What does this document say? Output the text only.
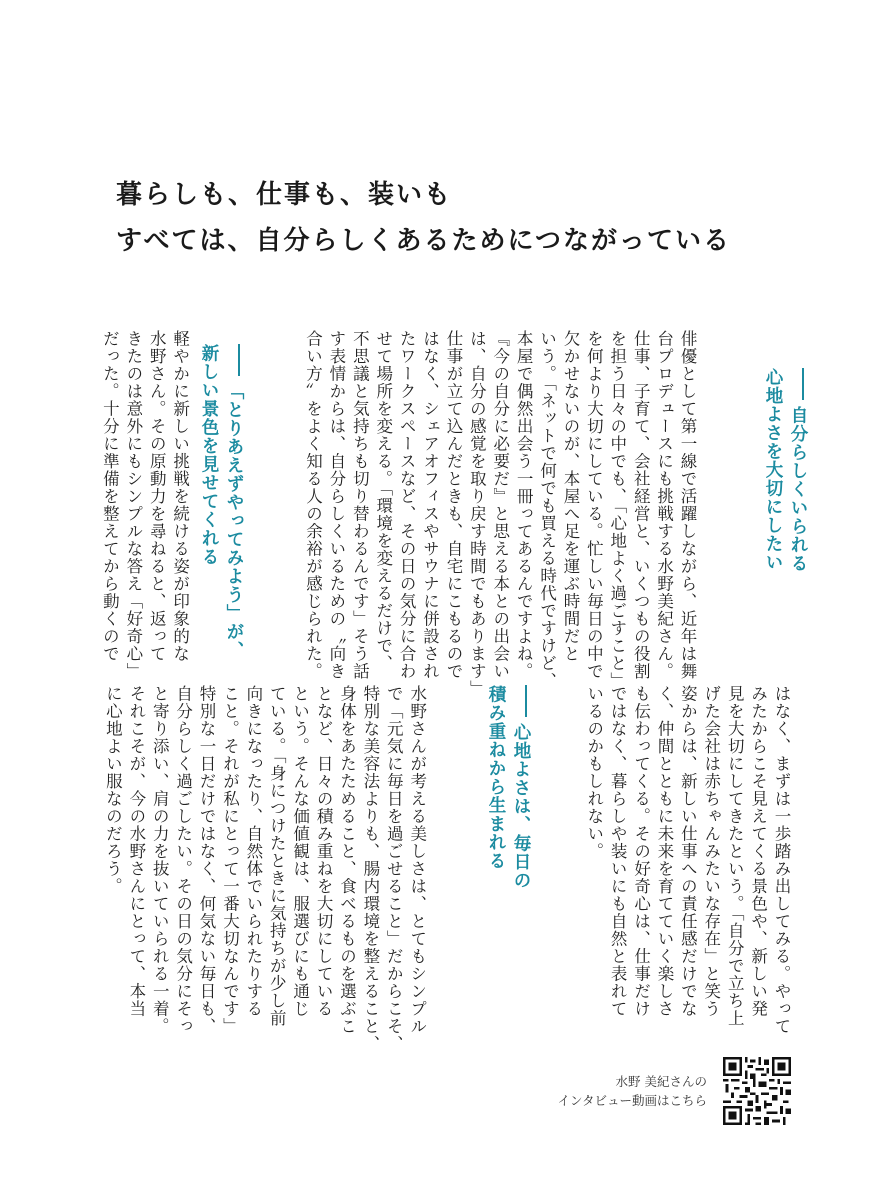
暮らしも、仕事も、装いも
すべては、自分らしくあるためにつながっている

自分らしくいられる
心地よさを大切にしたい

俳優として第一線で活躍しながら、近年は舞
台プロデュースにも挑戦する水野美紀さん。
仕事、子育て、会社経営と、いくつもの役割
を担う日々の中でも、「心地よく過ごすこと」
を何より大切にしている。忙しい毎日の中で
欠かせないのが、本屋へ足を運ぶ時間だと
いう。「ネットで何でも買える時代ですけど、
本屋で偶然出会う一冊ってあるんですよね。
『今の自分に必要だ』と思える本との出会い
は、自分の感覚を取り戻す時間でもあります」
仕事が立て込んだときも、自宅にこもるので
はなく、シェアオフィスやサウナに併設され
たワークスペースなど、その日の気分に合わ
せて場所を変える。「環境を変えるだけで、
不思議と気持ちも切り替わるんです」そう話
す表情からは、自分らしくいるための〝向き
合い方〟をよく知る人の余裕が感じられた。

「とりあえずやってみよう」が、
新しい景色を見せてくれる

軽やかに新しい挑戦を続ける姿が印象的な
水野さん。その原動力を尋ねると、返って
きたのは意外にもシンプルな答え「好奇心」
だった。十分に準備を整えてから動くので

はなく、まずは一歩踏み出してみる。やって
みたからこそ見えてくる景色や、新しい発
見を大切にしてきたという。「自分で立ち上
げた会社は赤ちゃんみたいな存在」と笑う
姿からは、新しい仕事への責任感だけでな
く、仲間とともに未来を育てていく楽しさ
も伝わってくる。その好奇心は、仕事だけ
ではなく、暮らしや装いにも自然と表れて
いるのかもしれない。

心地よさは、毎日の
積み重ねから生まれる

水野さんが考える美しさは、とてもシンプル
で「元気に毎日を過ごせること」だからこそ、
特別な美容法よりも、腸内環境を整えること、
身体をあたためること、食べるものを選ぶこ
となど、日々の積み重ねを大切にしている
という。そんな価値観は、服選びにも通じ
ている。「身につけたときに気持ちが少し前
向きになったり、自然体でいられたりする
こと。それが私にとって一番大切なんです」
特別な一日だけではなく、何気ない毎日も、
自分らしく過ごしたい。その日の気分にそっ
と寄り添い、肩の力を抜いていられる一着。
それこそが、今の水野さんにとって、本当
に心地よい服なのだろう。

水野 美紀さんの
インタビュー動画はこちら
